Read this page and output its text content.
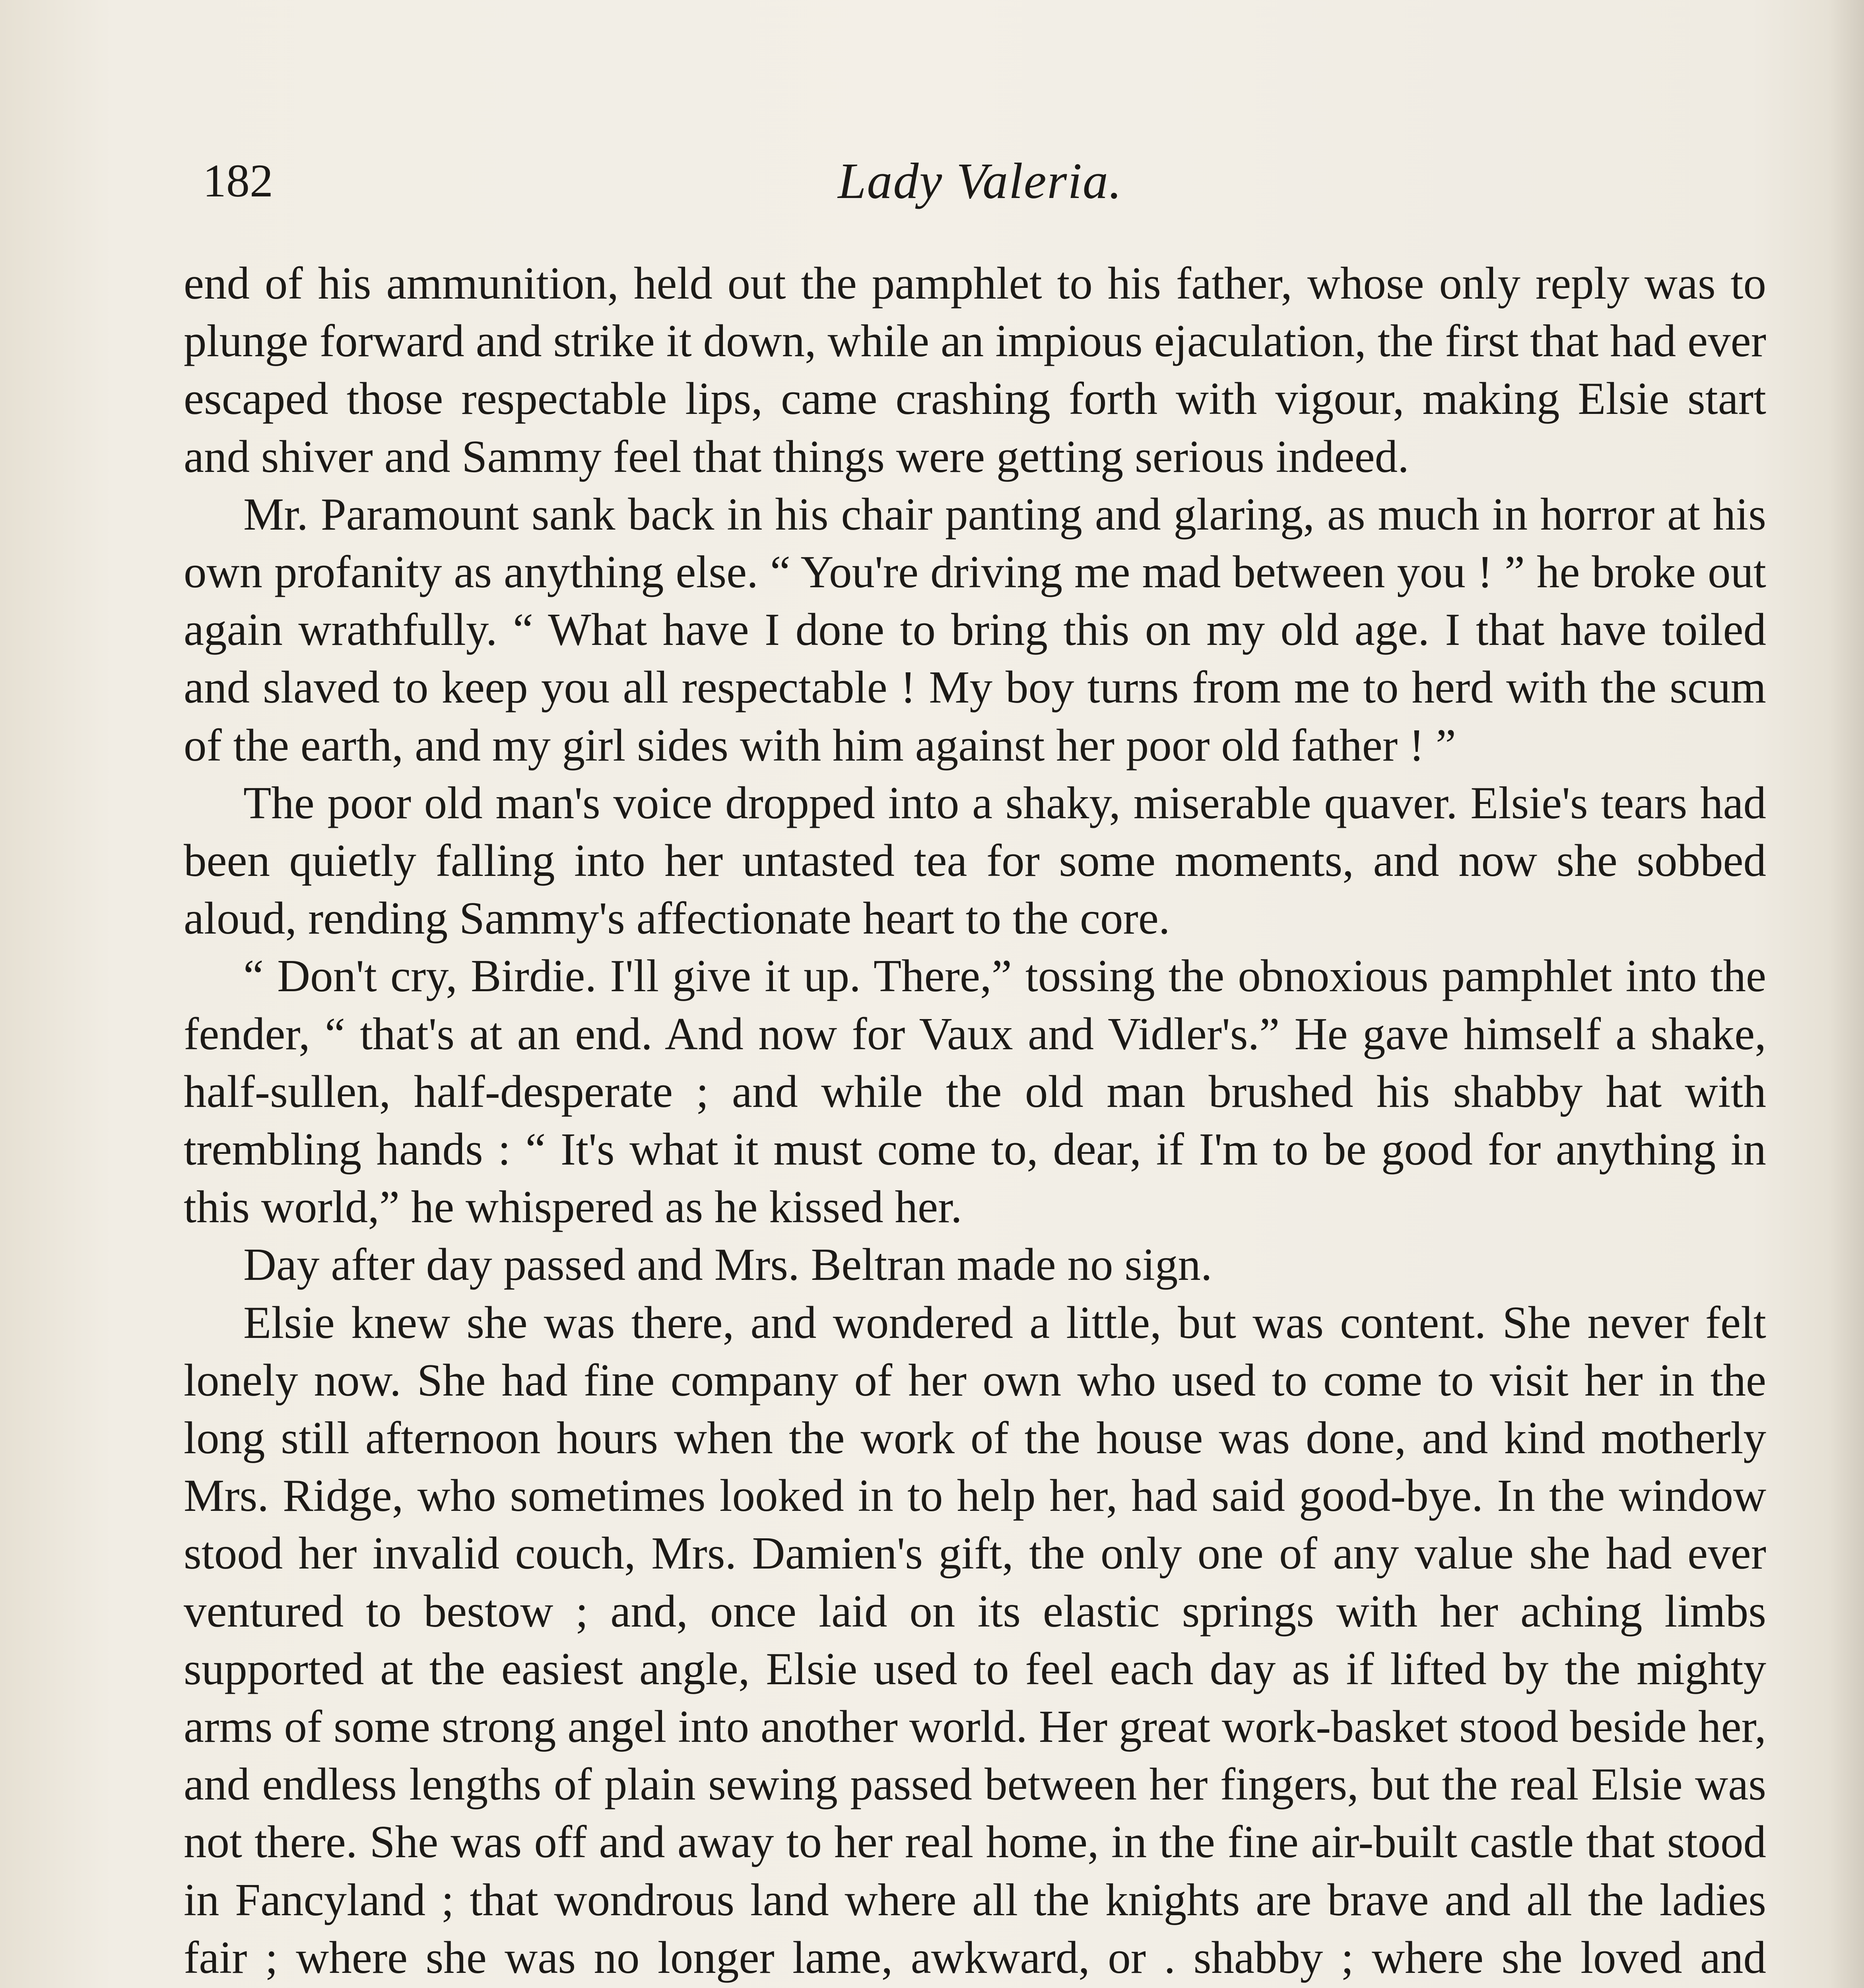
182	Lady Valeria.

end of his ammunition, held out the pamphlet to his father, whose only reply was to plunge forward and strike it down, while an impious ejaculation, the first that had ever escaped those respectable lips, came crashing forth with vigour, making Elsie start and shiver and Sammy feel that things were getting serious indeed.

Mr. Paramount sank back in his chair panting and glaring, as much in horror at his own profanity as anything else. “ You're driving me mad between you ! ” he broke out again wrathfully. “ What have I done to bring this on my old age. I that have toiled and slaved to keep you all respectable ! My boy turns from me to herd with the scum of the earth, and my girl sides with him against her poor old father ! ”

The poor old man's voice dropped into a shaky, miserable quaver. Elsie's tears had been quietly falling into her untasted tea for some moments, and now she sobbed aloud, rending Sammy's affectionate heart to the core.

“ Don't cry, Birdie. I'll give it up. There,” tossing the obnoxious pamphlet into the fender, “ that's at an end. And now for Vaux and Vidler's.” He gave himself a shake, half-sullen, half-desperate ; and while the old man brushed his shabby hat with trembling hands : “ It's what it must come to, dear, if I'm to be good for anything in this world,” he whispered as he kissed her.

Day after day passed and Mrs. Beltran made no sign.

Elsie knew she was there, and wondered a little, but was content. She never felt lonely now. She had fine company of her own who used to come to visit her in the long still afternoon hours when the work of the house was done, and kind motherly Mrs. Ridge, who sometimes looked in to help her, had said good-bye. In the window stood her invalid couch, Mrs. Damien's gift, the only one of any value she had ever ventured to bestow ; and, once laid on its elastic springs with her aching limbs supported at the easiest angle, Elsie used to feel each day as if lifted by the mighty arms of some strong angel into another world. Her great work-basket stood beside her, and endless lengths of plain sewing passed between her fingers, but the real Elsie was not there. She was off and away to her real home, in the fine air-built castle that stood in Fancyland ; that wondrous land where all the knights are brave and all the ladies fair ; where she was no longer lame, awkward, or . shabby ; where she loved and
